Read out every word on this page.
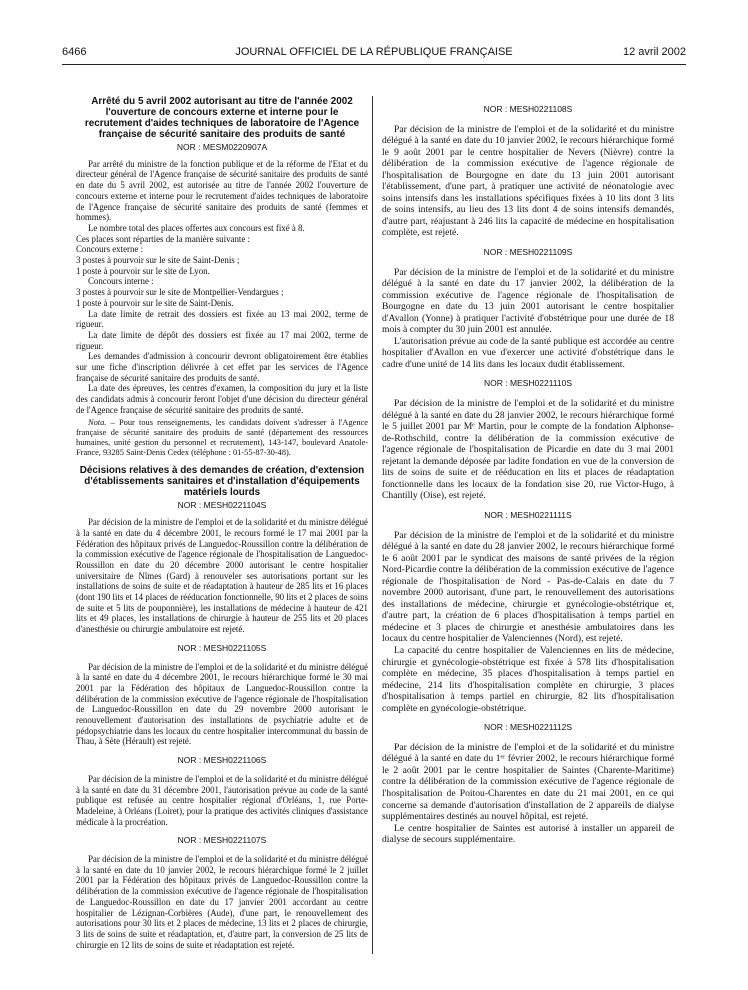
6466	JOURNAL OFFICIEL DE LA RÉPUBLIQUE FRANÇAISE	12 avril 2002
Arrêté du 5 avril 2002 autorisant au titre de l'année 2002 l'ouverture de concours externe et interne pour le recrutement d'aides techniques de laboratoire de l'Agence française de sécurité sanitaire des produits de santé
NOR : MESM0220907A

Par arrêté du ministre de la fonction publique et de la réforme de l'Etat et du directeur général de l'Agence française de sécurité sanitaire des produits de santé en date du 5 avril 2002, est autorisée au titre de l'année 2002 l'ouverture de concours externe et interne pour le recrutement d'aides techniques de laboratoire de l'Agence française de sécurité sanitaire des produits de santé (femmes et hommes).

Le nombre total des places offertes aux concours est fixé à 8.

Ces places sont réparties de la manière suivante :

Concours externe :

3 postes à pourvoir sur le site de Saint-Denis ;

1 poste à pourvoir sur le site de Lyon.

Concours interne :

3 postes à pourvoir sur le site de Montpellier-Vendargues ;

1 poste à pourvoir sur le site de Saint-Denis.

La date limite de retrait des dossiers est fixée au 13 mai 2002, terme de rigueur.

La date limite de dépôt des dossiers est fixée au 17 mai 2002, terme de rigueur.

Les demandes d'admission à concourir devront obligatoirement être établies sur une fiche d'inscription délivrée à cet effet par les services de l'Agence française de sécurité sanitaire des produits de santé.

La date des épreuves, les centres d'examen, la composition du jury et la liste des candidats admis à concourir feront l'objet d'une décision du directeur général de l'Agence française de sécurité sanitaire des produits de santé.

Nota. – Pour tous renseignements, les candidats doivent s'adresser à l'Agence française de sécurité sanitaire des produits de santé (département des ressources humaines, unité gestion du personnel et recrutement), 143-147, boulevard Anatole-France, 93285 Saint-Denis Cedex (téléphone : 01-55-87-30-48).

Décisions relatives à des demandes de création, d'extension d'établissements sanitaires et d'installation d'équipements matériels lourds
NOR : MESH0221104S

Par décision de la ministre de l'emploi et de la solidarité et du ministre délégué à la santé en date du 4 décembre 2001, le recours formé le 17 mai 2001 par la Fédération des hôpitaux privés de Languedoc-Roussillon contre la délibération de la commission exécutive de l'agence régionale de l'hospitalisation de Languedoc-Roussillon en date du 20 décembre 2000 autorisant le centre hospitalier universitaire de Nîmes (Gard) à renouveler ses autorisations portant sur les installations de soins de suite et de réadaptation à hauteur de 285 lits et 16 places (dont 190 lits et 14 places de rééducation fonctionnelle, 90 lits et 2 places de soins de suite et 5 lits de pouponnière), les installations de médecine à hauteur de 421 lits et 49 places, les installations de chirurgie à hauteur de 255 lits et 20 places d'anesthésie ou chirurgie ambulatoire est rejeté.

NOR : MESH0221105S

Par décision de la ministre de l'emploi et de la solidarité et du ministre délégué à la santé en date du 4 décembre 2001, le recours hiérarchique formé le 30 mai 2001 par la Fédération des hôpitaux de Languedoc-Roussillon contre la délibération de la commission exécutive de l'agence régionale de l'hospitalisation de Languedoc-Roussillon en date du 29 novembre 2000 autorisant le renouvellement d'autorisation des installations de psychiatrie adulte et de pédopsychiatrie dans les locaux du centre hospitalier intercommunal du bassin de Thau, à Sète (Hérault) est rejeté.

NOR : MESH0221106S

Par décision de la ministre de l'emploi et de la solidarité et du ministre délégué à la santé en date du 31 décembre 2001, l'autorisation prévue au code de la santé publique est refusée au centre hospitalier régional d'Orléans, 1, rue Porte-Madeleine, à Orléans (Loiret), pour la pratique des activités cliniques d'assistance médicale à la procréation.

NOR : MESH0221107S

Par décision de la ministre de l'emploi et de la solidarité et du ministre délégué à la santé en date du 10 janvier 2002, le recours hiérarchique formé le 2 juillet 2001 par la Fédération des hôpitaux privés de Languedoc-Roussillon contre la délibération de la commission exécutive de l'agence régionale de l'hospitalisation de Languedoc-Roussillon en date du 17 janvier 2001 accordant au centre hospitalier de Lézignan-Corbières (Aude), d'une part, le renouvellement des autorisations pour 30 lits et 2 places de médecine, 13 lits et 2 places de chirurgie, 3 lits de soins de suite et réadaptation, et, d'autre part, la conversion de 25 lits de chirurgie en 12 lits de soins de suite et réadaptation est rejeté.

NOR : MESH0221108S

Par décision de la ministre de l'emploi et de la solidarité et du ministre délégué à la santé en date du 10 janvier 2002, le recours hiérarchique formé le 9 août 2001 par le centre hospitalier de Nevers (Nièvre) contre la délibération de la commission exécutive de l'agence régionale de l'hospitalisation de Bourgogne en date du 13 juin 2001 autorisant l'établissement, d'une part, à pratiquer une activité de néonatologie avec soins intensifs dans les installations spécifiques fixées à 10 lits dont 3 lits de soins intensifs, au lieu des 13 lits dont 4 de soins intensifs demandés, d'autre part, réajustant à 246 lits la capacité de médecine en hospitalisation complète, est rejeté.

NOR : MESH0221109S

Par décision de la ministre de l'emploi et de la solidarité et du ministre délégué à la santé en date du 17 janvier 2002, la délibération de la commission exécutive de l'agence régionale de l'hospitalisation de Bourgogne en date du 13 juin 2001 autorisant le centre hospitalier d'Avallon (Yonne) à pratiquer l'activité d'obstétrique pour une durée de 18 mois à compter du 30 juin 2001 est annulée.

L'autorisation prévue au code de la santé publique est accordée au centre hospitalier d'Avallon en vue d'exercer une activité d'obstétrique dans le cadre d'une unité de 14 lits dans les locaux dudit établissement.

NOR : MESH0221110S

Par décision de la ministre de l'emploi et de la solidarité et du ministre délégué à la santé en date du 28 janvier 2002, le recours hiérarchique formé le 5 juillet 2001 par Mᵉ Martin, pour le compte de la fondation Alphonse-de-Rothschild, contre la délibération de la commission exécutive de l'agence régionale de l'hospitalisation de Picardie en date du 3 mai 2001 rejetant la demande déposée par ladite fondation en vue de la conversion de lits de soins de suite et de rééducation en lits et places de réadaptation fonctionnelle dans les locaux de la fondation sise 20, rue Victor-Hugo, à Chantilly (Oise), est rejeté.

NOR : MESH0221111S

Par décision de la ministre de l'emploi et de la solidarité et du ministre délégué à la santé en date du 28 janvier 2002, le recours hiérarchique formé le 6 août 2001 par le syndicat des maisons de santé privées de la région Nord-Picardie contre la délibération de la commission exécutive de l'agence régionale de l'hospitalisation de Nord - Pas-de-Calais en date du 7 novembre 2000 autorisant, d'une part, le renouvellement des autorisations des installations de médecine, chirurgie et gynécologie-obstétrique et, d'autre part, la création de 6 places d'hospitalisation à temps partiel en médecine et 3 places de chirurgie et anesthésie ambulatoires dans les locaux du centre hospitalier de Valenciennes (Nord), est rejeté.

La capacité du centre hospitalier de Valenciennes en lits de médecine, chirurgie et gynécologie-obstétrique est fixée à 578 lits d'hospitalisation complète en médecine, 35 places d'hospitalisation à temps partiel en médecine, 214 lits d'hospitalisation complète en chirurgie, 3 places d'hospitalisation à temps partiel en chirurgie, 82 lits d'hospitalisation complète en gynécologie-obstétrique.

NOR : MESH0221112S

Par décision de la ministre de l'emploi et de la solidarité et du ministre délégué à la santé en date du 1ᵉʳ février 2002, le recours hiérarchique formé le 2 août 2001 par le centre hospitalier de Saintes (Charente-Maritime) contre la délibération de la commission exécutive de l'agence régionale de l'hospitalisation de Poitou-Charentes en date du 21 mai 2001, en ce qui concerne sa demande d'autorisation d'installation de 2 appareils de dialyse supplémentaires destinés au nouvel hôpital, est rejeté.

Le centre hospitalier de Saintes est autorisé à installer un appareil de dialyse de secours supplémentaire.
